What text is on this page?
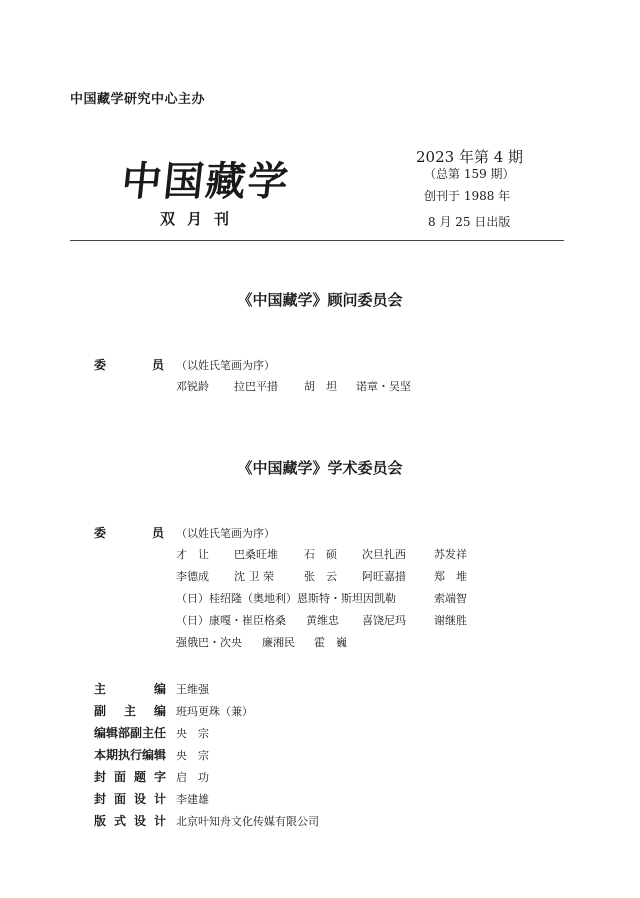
中国藏学研究中心主办
中国藏学
双月刊
2023 年第 4 期
（总第 159 期）
创刊于 1988 年
8 月 25 日出版
《中国藏学》顾问委员会
委	员 （以姓氏笔画为序）
邓锐龄 拉巴平措 胡　坦 诺章・吴坚
《中国藏学》学术委员会
委	员 （以姓氏笔画为序）
才　让 巴桑旺堆 石　硕 次旦扎西	苏发祥
李德成 沈 卫 荣	张　云 阿旺嘉措	郑　堆
（日）桂绍隆（奥地利）恩斯特・斯坦因凯勒	索端智
（日）康嘎・崔臣格桑 黄维忠 喜饶尼玛	谢继胜
强俄巴・次央 廉湘民 霍　巍
主	编 王维强
副 主 编 班玛更珠（兼）
编辑部副主任 央　宗
本期执行编辑 央　宗
封 面 题 字 启　功
封 面 设 计 李建雄
版 式 设 计 北京叶知舟文化传媒有限公司
